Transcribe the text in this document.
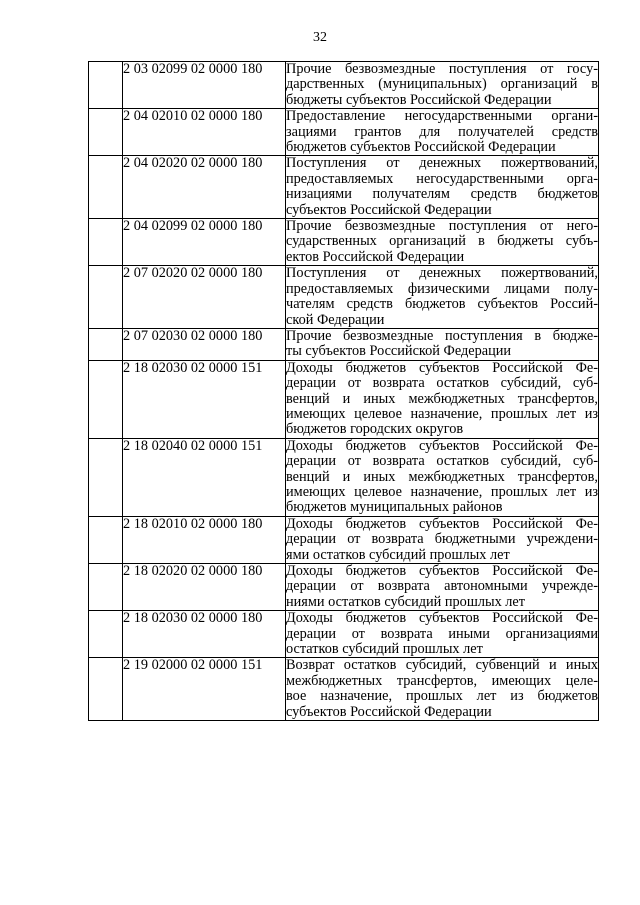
32
	2 03 02099 02 0000 180	Прочие безвозмездные поступления от госу-
дарственных (муниципальных) организаций в
бюджеты субъектов Российской Федерации

	2 04 02010 02 0000 180	Предоставление негосударственными органи-
зациями грантов для получателей средств
бюджетов субъектов Российской Федерации

	2 04 02020 02 0000 180	Поступления от денежных пожертвований,
предоставляемых негосударственными орга-
низациями получателям средств бюджетов
субъектов Российской Федерации

	2 04 02099 02 0000 180	Прочие безвозмездные поступления от него-
сударственных организаций в бюджеты субъ-
ектов Российской Федерации

	2 07 02020 02 0000 180	Поступления от денежных пожертвований,
предоставляемых физическими лицами полу-
чателям средств бюджетов субъектов Россий-
ской Федерации

	2 07 02030 02 0000 180	Прочие безвозмездные поступления в бюдже-
ты субъектов Российской Федерации

	2 18 02030 02 0000 151	Доходы бюджетов субъектов Российской Фе-
дерации от возврата остатков субсидий, суб-
венций и иных межбюджетных трансфертов,
имеющих целевое назначение, прошлых лет из
бюджетов городских округов

	2 18 02040 02 0000 151	Доходы бюджетов субъектов Российской Фе-
дерации от возврата остатков субсидий, суб-
венций и иных межбюджетных трансфертов,
имеющих целевое назначение, прошлых лет из
бюджетов муниципальных районов

	2 18 02010 02 0000 180	Доходы бюджетов субъектов Российской Фе-
дерации от возврата бюджетными учреждени-
ями остатков субсидий прошлых лет

	2 18 02020 02 0000 180	Доходы бюджетов субъектов Российской Фе-
дерации от возврата автономными учрежде-
ниями остатков субсидий прошлых лет

	2 18 02030 02 0000 180	Доходы бюджетов субъектов Российской Фе-
дерации от возврата иными организациями
остатков субсидий прошлых лет

	2 19 02000 02 0000 151	Возврат остатков субсидий, субвенций и иных
межбюджетных трансфертов, имеющих целе-
вое назначение, прошлых лет из бюджетов
субъектов Российской Федерации
